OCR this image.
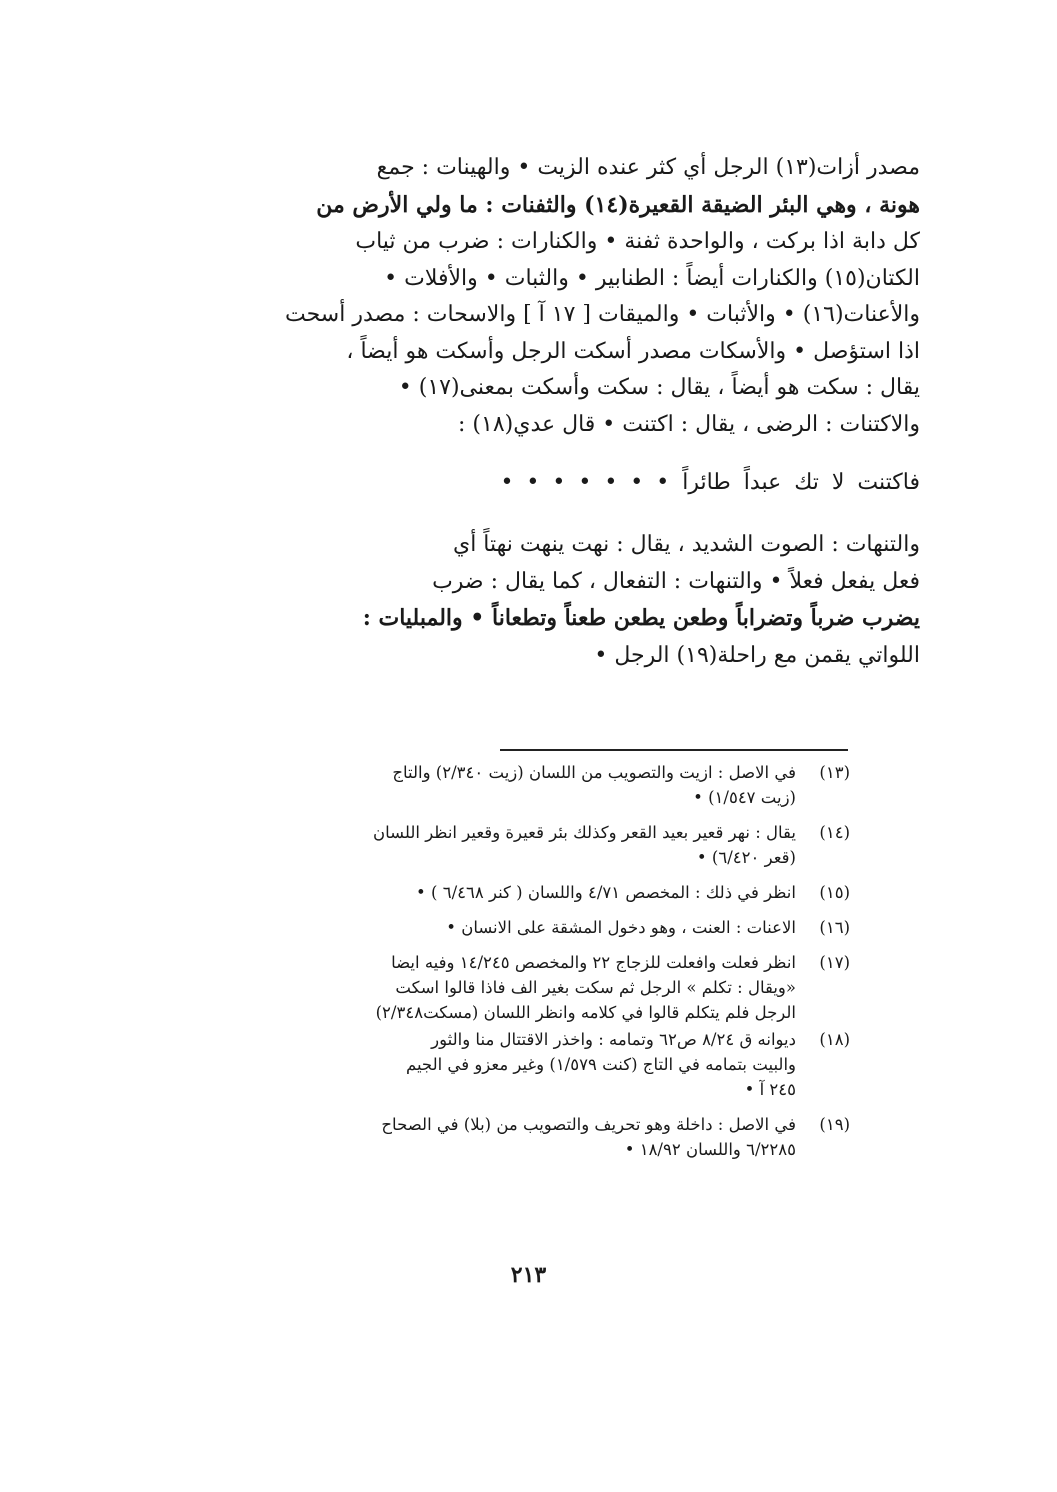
مصدر أزات(١٣) الرجل أي كثر عنده الزيت • والهينات : جمع
هونة ، وهي البئر الضيقة القعيرة(١٤) والثفنات : ما ولي الأرض من
كل دابة اذا بركت ، والواحدة ثفنة • والكنارات : ضرب من ثياب
الكتان(١٥) والكنارات أيضاً : الطنابير • والثبات • والأفلات •
والأعنات(١٦) • والأثبات • والميقات [ ١٧ آ ] والاسحات : مصدر أسحت
اذا استؤصل • والأسكات مصدر أسكت الرجل وأسكت هو أيضاً ،
يقال : سكت هو أيضاً ، يقال : سكت وأسكت بمعنى(١٧) •
والاكتنات : الرضى ، يقال : اكتنت • قال عدي(١٨) :

فاكتنت لا تك عبداً طائراً • • • • • • •

والتنهات : الصوت الشديد ، يقال : نهت ينهت نهتاً أي
فعل يفعل فعلاً • والتنهات : التفعال ، كما يقال : ضرب
يضرب ضرباً وتضراباً وطعن يطعن طعناً وتطعاناً • والمبليات :
اللواتي يقمن مع راحلة(١٩) الرجل •

(١٣)
في الاصل : ازيت والتصويب من اللسان (زيت ٢/٣٤٠) والتاج
(زيت ١/٥٤٧) •
(١٤)
يقال : نهر قعير بعيد القعر وكذلك بئر قعيرة وقعير انظر اللسان
(قعر ٦/٤٢٠) •
(١٥)
انظر في ذلك : المخصص ٤/٧١ واللسان ( كنر ٦/٤٦٨ ) •
(١٦)
الاعنات : العنت ، وهو دخول المشقة على الانسان •
(١٧)
انظر فعلت وافعلت للزجاج ٢٢ والمخصص ١٤/٢٤٥ وفيه ايضا
«ويقال : تكلم » الرجل ثم سكت بغير الف فاذا قالوا اسكت
الرجل فلم يتكلم قالوا في كلامه وانظر اللسان (مسكت٢/٣٤٨)
(١٨)
ديوانه ق ٨/٢٤ ص٦٢ وتمامه : واخذر الاقتتال منا والثور
والبيت بتمامه في التاج (كنت ١/٥٧٩) وغير معزو في الجيم
٢٤٥ آ •
(١٩)
في الاصل : داخلة وهو تحريف والتصويب من (بلا) في الصحاح
٦/٢٢٨٥ واللسان ١٨/٩٢ •
٢١٣
